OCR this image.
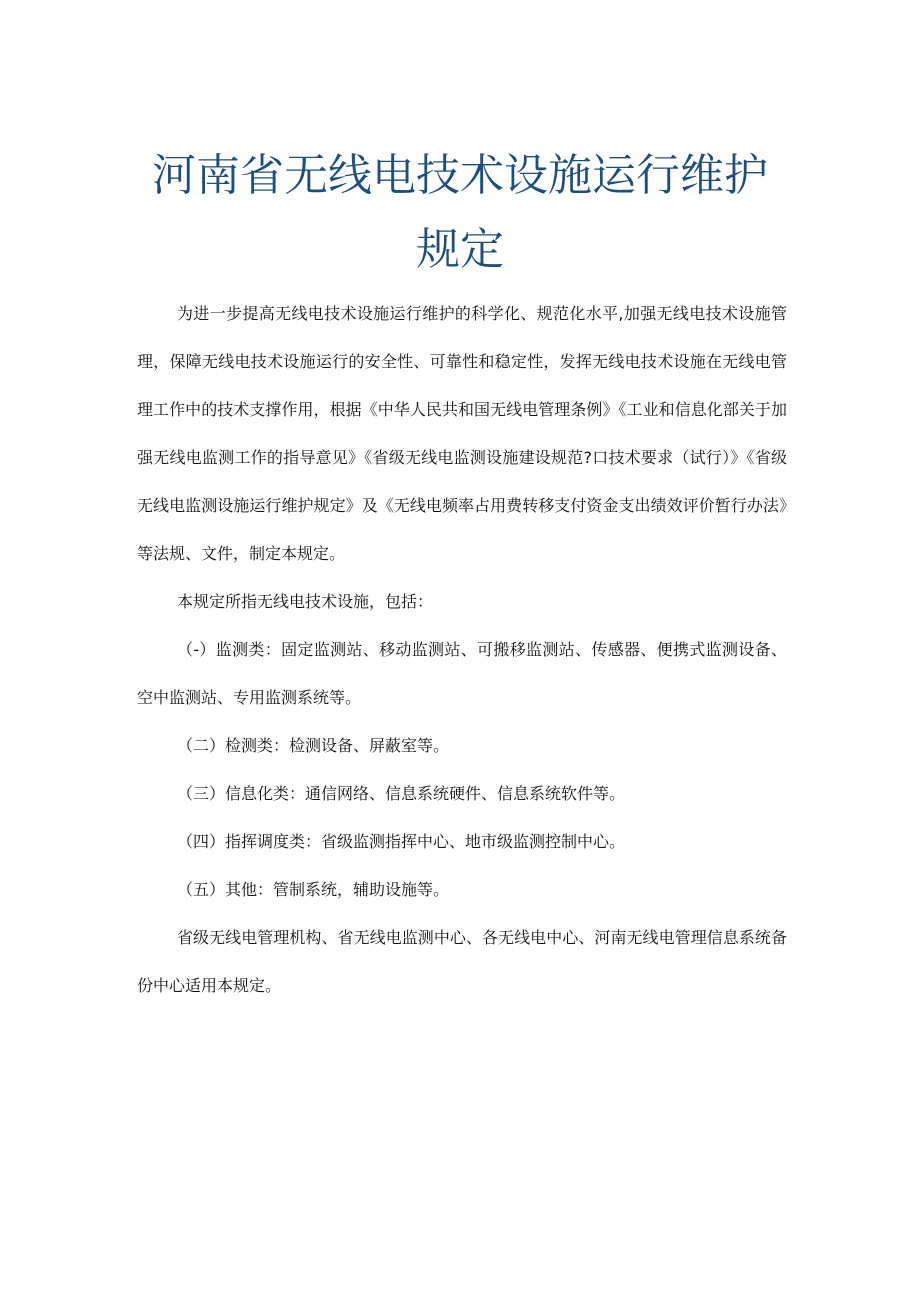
河南省无线电技术设施运行维护
规定

为进一步提高无线电技术设施运行维护的科学化、规范化水平,加强无线电技术设施管理，保障无线电技术设施运行的安全性、可靠性和稳定性，发挥无线电技术设施在无线电管理工作中的技术支撑作用，根据《中华人民共和国无线电管理条例》《工业和信息化部关于加强无线电监测工作的指导意见》《省级无线电监测设施建设规范?口技术要求（试行）》《省级无线电监测设施运行维护规定》及《无线电频率占用费转移支付资金支出绩效评价暂行办法》等法规、文件，制定本规定。

本规定所指无线电技术设施，包括：

（-）监测类：固定监测站、移动监测站、可搬移监测站、传感器、便携式监测设备、空中监测站、专用监测系统等。

（二）检测类：检测设备、屏蔽室等。

（三）信息化类：通信网络、信息系统硬件、信息系统软件等。

（四）指挥调度类：省级监测指挥中心、地市级监测控制中心。

（五）其他：管制系统，辅助设施等。

省级无线电管理机构、省无线电监测中心、各无线电中心、河南无线电管理信息系统备份中心适用本规定。
